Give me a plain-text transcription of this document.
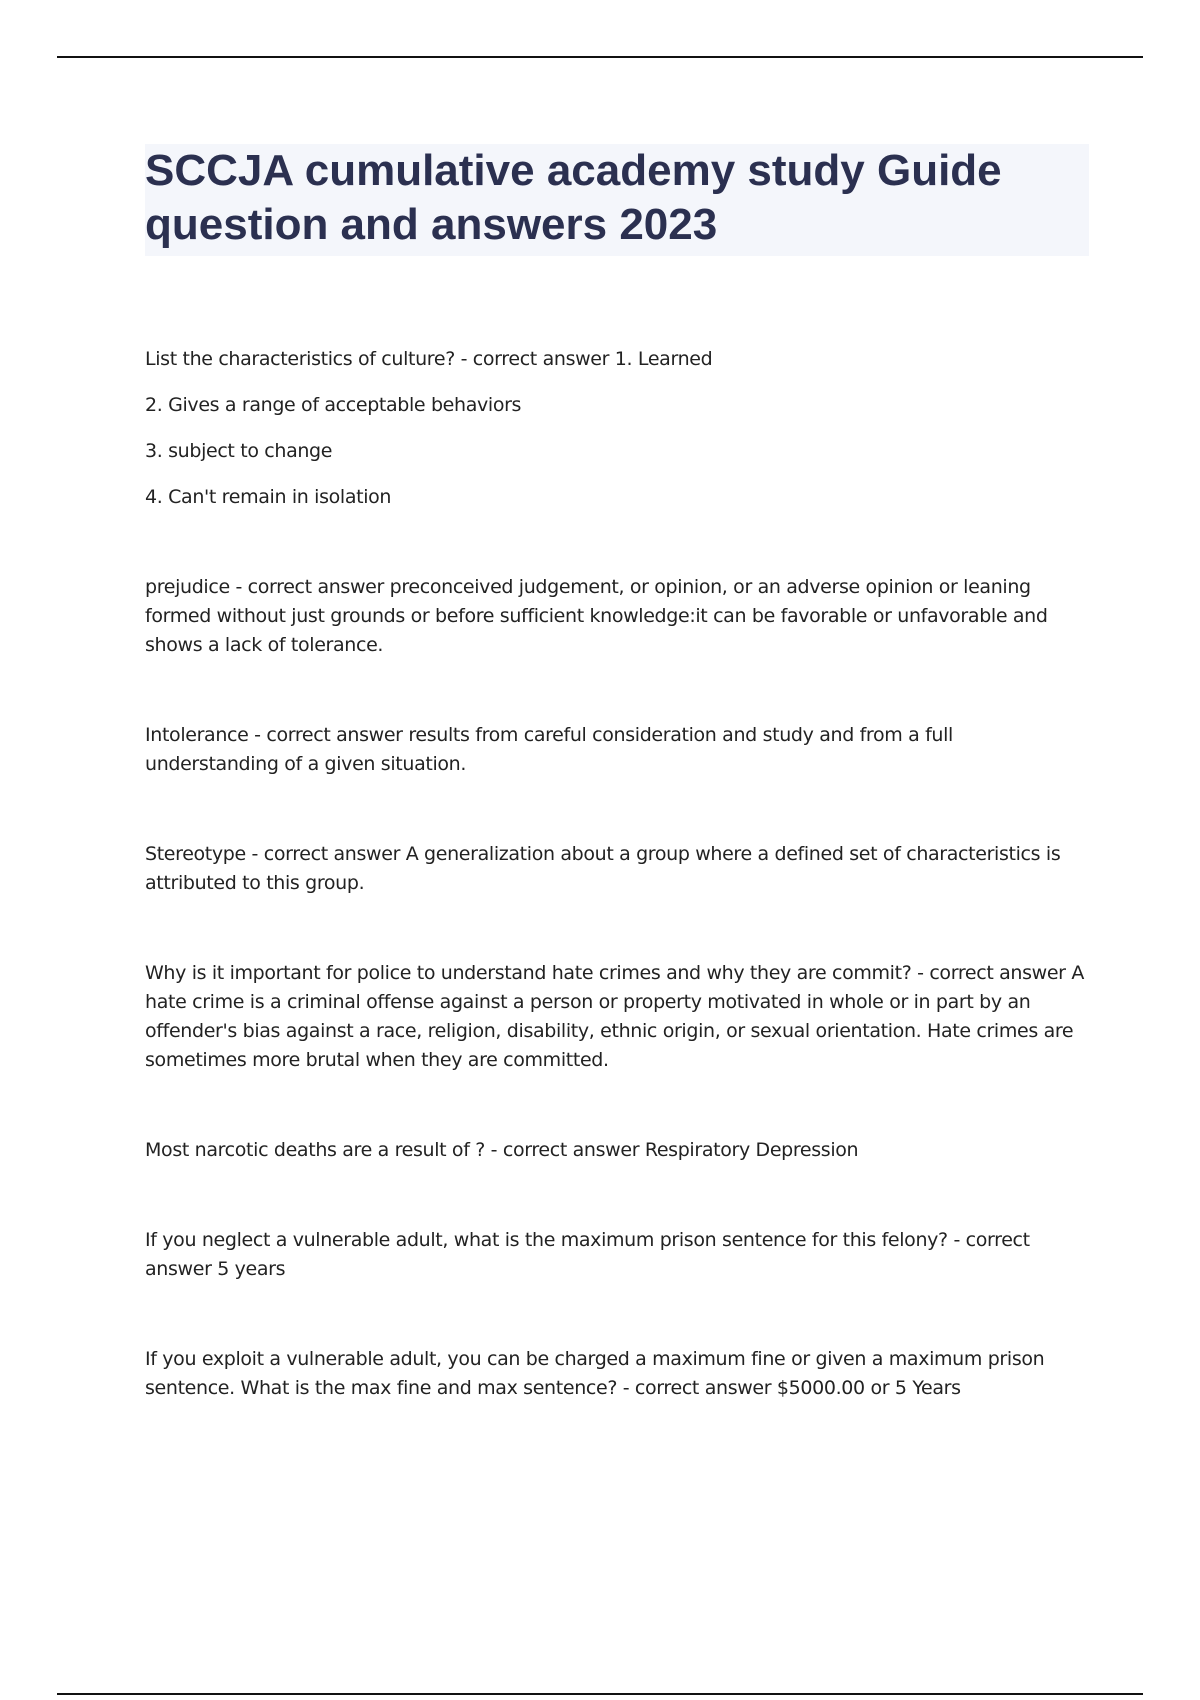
SCCJA cumulative academy study Guide question and answers 2023

List the characteristics of culture? - correct answer 1. Learned

2. Gives a range of acceptable behaviors

3. subject to change

4. Can't remain in isolation

prejudice - correct answer preconceived judgement, or opinion, or an adverse opinion or leaning formed without just grounds or before sufficient knowledge:it can be favorable or unfavorable and shows a lack of tolerance.

Intolerance - correct answer results from careful consideration and study and from a full understanding of a given situation.

Stereotype - correct answer A generalization about a group where a defined set of characteristics is attributed to this group.

Why is it important for police to understand hate crimes and why they are commit? - correct answer A hate crime is a criminal offense against a person or property motivated in whole or in part by an offender's bias against a race, religion, disability, ethnic origin, or sexual orientation. Hate crimes are sometimes more brutal when they are committed.

Most narcotic deaths are a result of ? - correct answer Respiratory Depression

If you neglect a vulnerable adult, what is the maximum prison sentence for this felony? - correct answer 5 years

If you exploit a vulnerable adult, you can be charged a maximum fine or given a maximum prison sentence. What is the max fine and max sentence? - correct answer $5000.00 or 5 Years
